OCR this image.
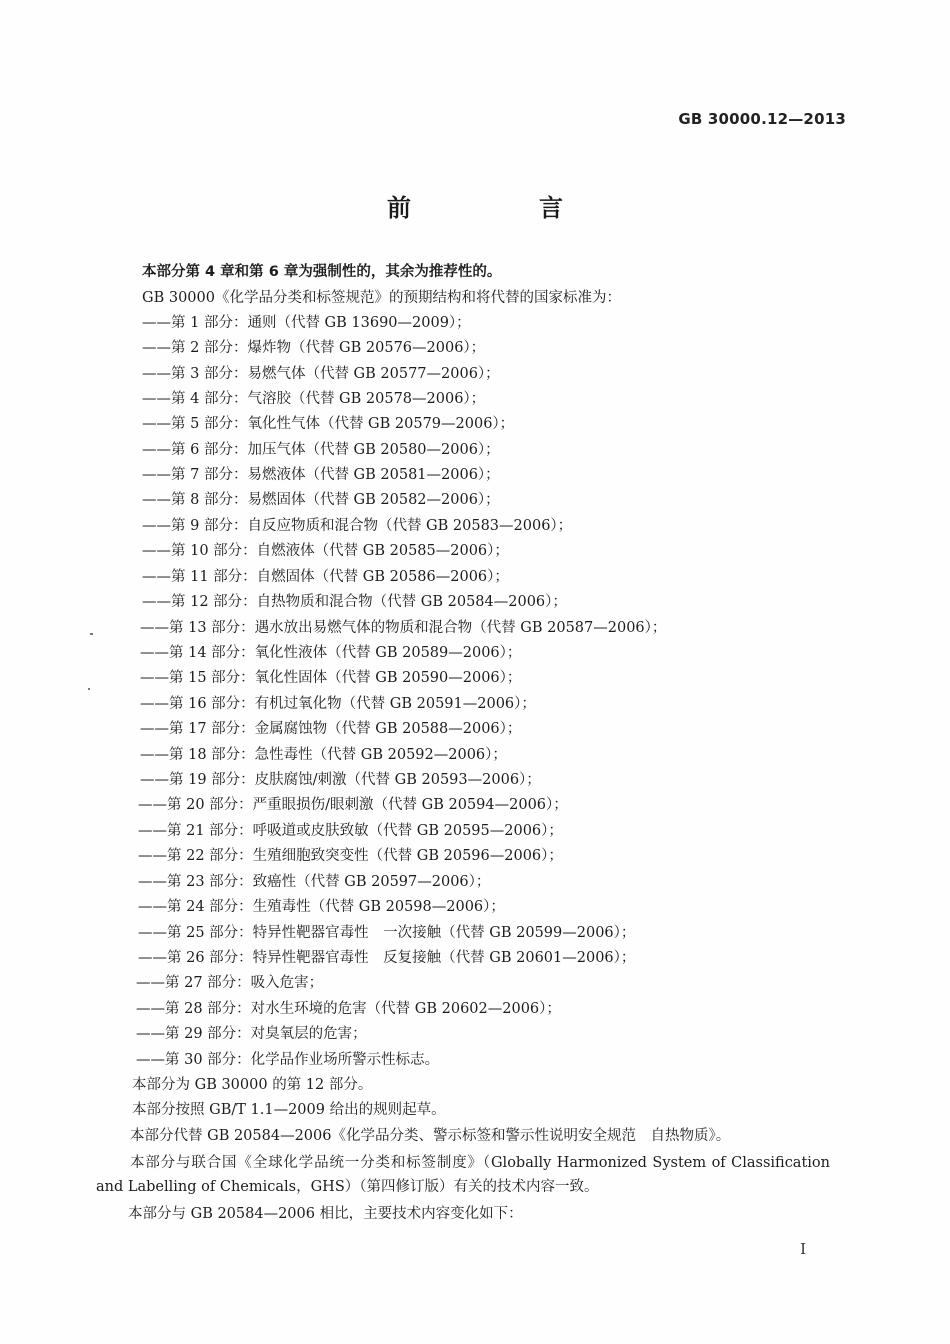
GB 30000.12—2013
前　言
本部分第 4 章和第 6 章为强制性的，其余为推荐性的。
GB 30000《化学品分类和标签规范》的预期结构和将代替的国家标准为：
——第 1 部分：通则（代替 GB 13690—2009）；
——第 2 部分：爆炸物（代替 GB 20576—2006）；
——第 3 部分：易燃气体（代替 GB 20577—2006）；
——第 4 部分：气溶胶（代替 GB 20578—2006）；
——第 5 部分：氧化性气体（代替 GB 20579—2006）；
——第 6 部分：加压气体（代替 GB 20580—2006）；
——第 7 部分：易燃液体（代替 GB 20581—2006）；
——第 8 部分：易燃固体（代替 GB 20582—2006）；
——第 9 部分：自反应物质和混合物（代替 GB 20583—2006）；
——第 10 部分：自燃液体（代替 GB 20585—2006）；
——第 11 部分：自燃固体（代替 GB 20586—2006）；
——第 12 部分：自热物质和混合物（代替 GB 20584—2006）；
——第 13 部分：遇水放出易燃气体的物质和混合物（代替 GB 20587—2006）；
——第 14 部分：氧化性液体（代替 GB 20589—2006）；
——第 15 部分：氧化性固体（代替 GB 20590—2006）；
——第 16 部分：有机过氧化物（代替 GB 20591—2006）；
——第 17 部分：金属腐蚀物（代替 GB 20588—2006）；
——第 18 部分：急性毒性（代替 GB 20592—2006）；
——第 19 部分：皮肤腐蚀/刺激（代替 GB 20593—2006）；
——第 20 部分：严重眼损伤/眼刺激（代替 GB 20594—2006）；
——第 21 部分：呼吸道或皮肤致敏（代替 GB 20595—2006）；
——第 22 部分：生殖细胞致突变性（代替 GB 20596—2006）；
——第 23 部分：致癌性（代替 GB 20597—2006）；
——第 24 部分：生殖毒性（代替 GB 20598—2006）；
——第 25 部分：特异性靶器官毒性　一次接触（代替 GB 20599—2006）；
——第 26 部分：特异性靶器官毒性　反复接触（代替 GB 20601—2006）；
——第 27 部分：吸入危害；
——第 28 部分：对水生环境的危害（代替 GB 20602—2006）；
——第 29 部分：对臭氧层的危害；
——第 30 部分：化学品作业场所警示性标志。
本部分为 GB 30000 的第 12 部分。
本部分按照 GB/T 1.1—2009 给出的规则起草。
本部分代替 GB 20584—2006《化学品分类、警示标签和警示性说明安全规范　自热物质》。
本部分与联合国《全球化学品统一分类和标签制度》（Globally Harmonized System of Classification and Labelling of Chemicals，GHS）（第四修订版）有关的技术内容一致。
本部分与 GB 20584—2006 相比，主要技术内容变化如下：
I
